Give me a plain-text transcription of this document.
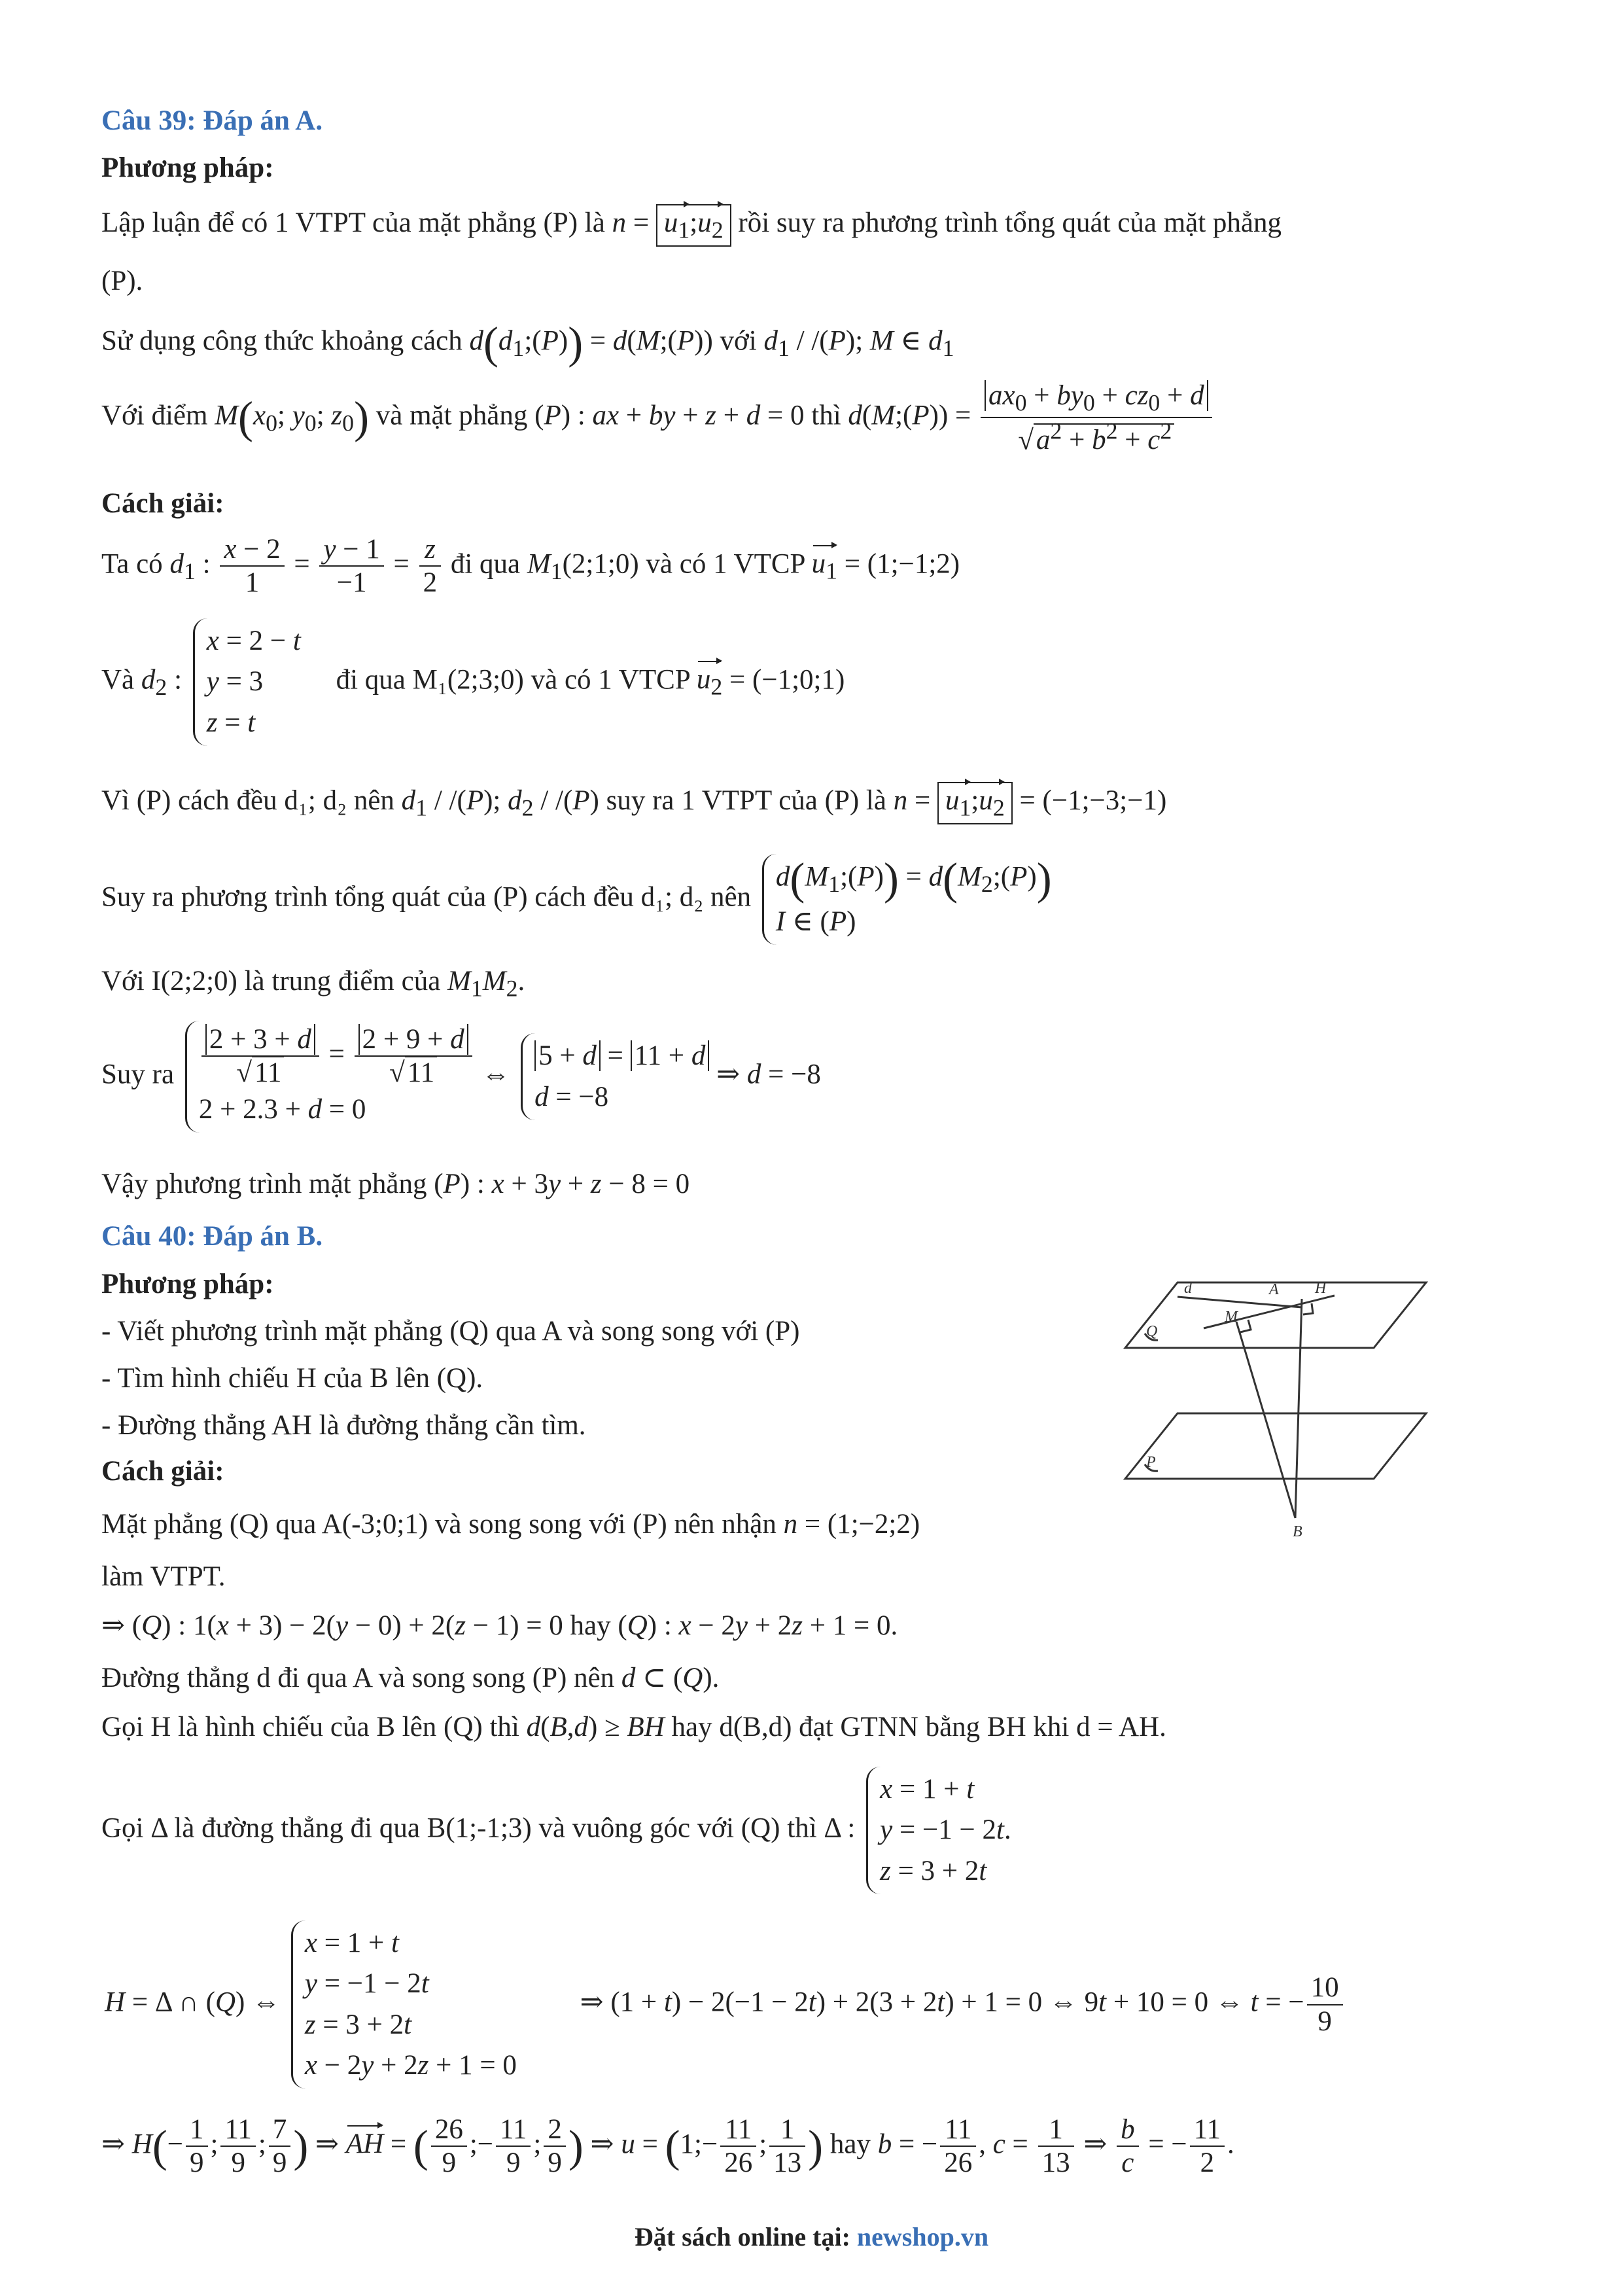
Câu 39: Đáp án A.
Phương pháp:
Lập luận để có 1 VTPT của mặt phẳng (P) là $n = u_1;u_2$ rồi suy ra phương trình tổng quát của mặt phẳng
(P).
Sử dụng công thức khoảng cách $d(d_1;(P))$ = d(M;(P)) với $d_1 / /(P)$; M ∈ $d_1$
Với điểm $M(x_0$; $y_0$; $z_0$) và mặt phẳng (P) : ax + by + z + d = 0 thì d(M;(P)) = $\frac{ax_0 + by_0 + cz_0 + d}{√a^2 + b^2 + c^2}$
Cách giải:
Ta có $d_1$ : $\frac{x - 2}{1} = \frac{y - 1}{-1} = \frac{z}{2}$ đi qua $M_1(2;1;0)$ và có 1 VTCP $u_1$ = (1;−1;2)
Và $d_2$ :
x = 2 − t
y = 3
z = t
đi qua M₁(2;3;0) và có 1 VTCP $u_2$ = (−1;0;1)
Vì (P) cách đều d₁; d₂ nên $d_1 / /(P)$; $d_2 / /(P)$ suy ra 1 VTPT của (P) là $n = u_1;u_2$ = (−1;−3;−1)
Suy ra phương trình tổng quát của (P) cách đều d₁; d₂ nên
$d(M_1;(P))$ = $d(M_2;(P))$
I ∈ (P)
Với I(2;2;0) là trung điểm của $M_1M_2$.
Suy ra $\frac{2 + 3 + d}{√11} = \frac{2 + 9 + d}{√11}$
2 + 2.3 + d = 0
⇔
5 + d = 11 + d
d = −8
⇒ d = −8
Vậy phương trình mặt phẳng (P) : x + 3y + z − 8 = 0
Câu 40: Đáp án B.
Phương pháp:
- Viết phương trình mặt phẳng (Q) qua A và song song với (P)
- Tìm hình chiếu H của B lên (Q).
- Đường thẳng AH là đường thẳng cần tìm.
Cách giải:
Mặt phẳng (Q) qua A(-3;0;1) và song song với (P) nên nhận n = (1;−2;2)
làm VTPT.
⇒ (Q) : 1(x + 3) − 2(y − 0) + 2(z − 1) = 0 hay (Q) : x − 2y + 2z + 1 = 0.
Đường thẳng d đi qua A và song song (P) nên d ⊂ (Q).
Gọi H là hình chiếu của B lên (Q) thì d(B,d) ≥ BH hay d(B,d) đạt GTNN bằng BH khi d = AH.
Gọi Δ là đường thẳng đi qua B(1;-1;3) và vuông góc với (Q) thì Δ :
x = 1 + t
y = −1 − 2t.
z = 3 + 2t
H = Δ ∩ (Q) ⇔
x = 1 + t
y = −1 − 2t
z = 3 + 2t
x − 2y + 2z + 1 = 0
⇒ (1 + t) − 2(−1 − 2t) + 2(3 + 2t) + 1 = 0 ⇔ 9t + 10 = 0 ⇔ t = − $\frac{10}{9}$
⇒ $H(- \frac{1}{9}$ ; $\frac{11}{9}$ ; $\frac{7}{9}$ ) ⇒ AH = ( $\frac{26}{9}$ ;− $\frac{11}{9}$ ; $\frac{2}{9}$ ) ⇒ u = (1;− $\frac{11}{26}$ ; $\frac{1}{13}$ ) hay b = − $\frac{11}{26}$ , $c = \frac{1}{13}$ ⇒ $\frac{b}{c}$ = − $\frac{11}{2}$ .
d	A H
M
Q
P
B
Đặt sách online tại: newshop.vn
